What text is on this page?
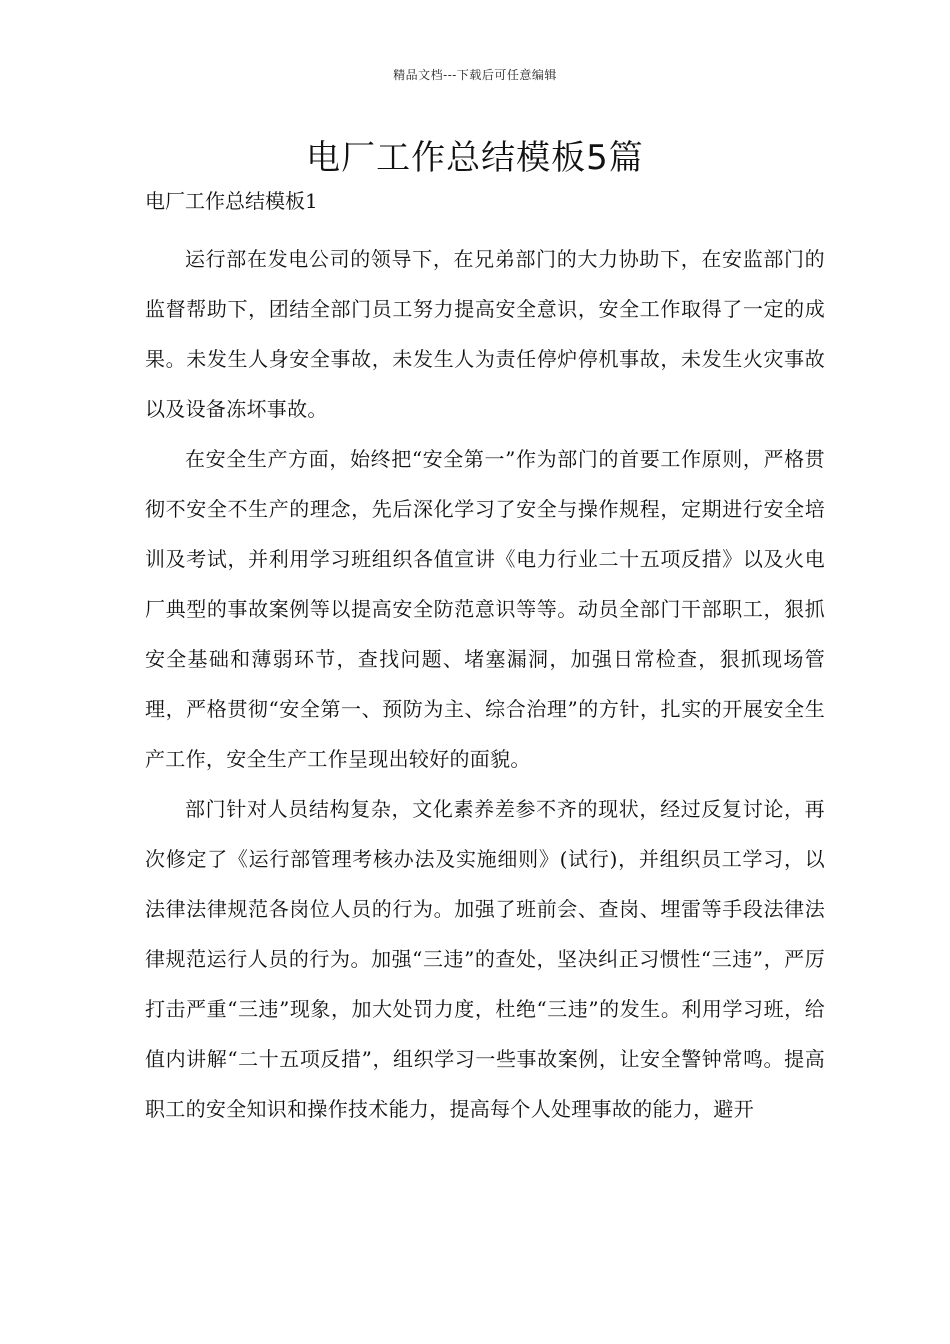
精品文档---下载后可任意编辑
电厂工作总结模板5篇

电厂工作总结模板1

运行部在发电公司的领导下，在兄弟部门的大力协助下，在安监部门的监督帮助下，团结全部门员工努力提高安全意识，安全工作取得了一定的成果。未发生人身安全事故，未发生人为责任停炉停机事故，未发生火灾事故以及设备冻坏事故。

在安全生产方面，始终把“安全第一”作为部门的首要工作原则，严格贯彻不安全不生产的理念，先后深化学习了安全与操作规程，定期进行安全培训及考试，并利用学习班组织各值宣讲《电力行业二十五项反措》以及火电厂典型的事故案例等以提高安全防范意识等等。动员全部门干部职工，狠抓安全基础和薄弱环节，查找问题、堵塞漏洞，加强日常检查，狠抓现场管理，严格贯彻“安全第一、预防为主、综合治理”的方针，扎实的开展安全生产工作，安全生产工作呈现出较好的面貌。

部门针对人员结构复杂，文化素养差参不齐的现状，经过反复讨论，再次修定了《运行部管理考核办法及实施细则》(试行)，并组织员工学习，以法律法律规范各岗位人员的行为。加强了班前会、查岗、埋雷等手段法律法律规范运行人员的行为。加强“三违”的查处，坚决纠正习惯性“三违”，严厉打击严重“三违”现象，加大处罚力度，杜绝“三违”的发生。利用学习班，给值内讲解“二十五项反措”，组织学习一些事故案例，让安全警钟常鸣。提高职工的安全知识和操作技术能力，提高每个人处理事故的能力，避开
